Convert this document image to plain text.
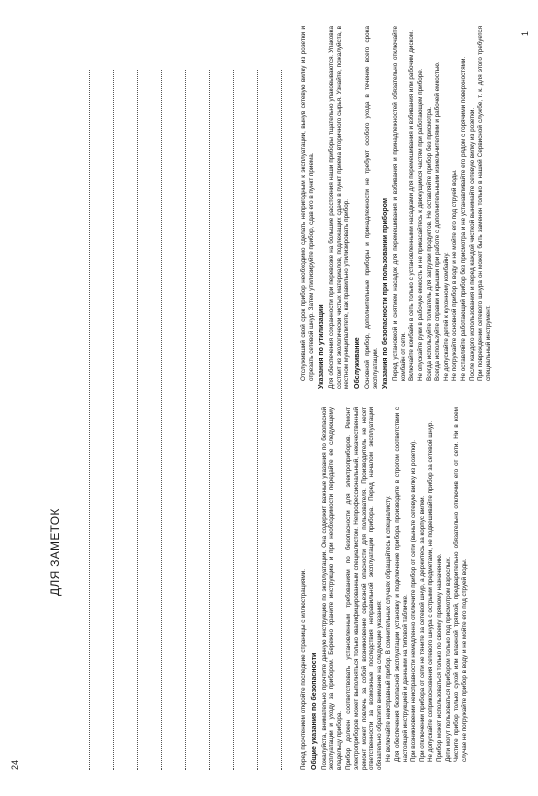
24
1
ДЛЯ ЗАМЕТОК

Перед прочтением откройте последние страницы с иллюстрациями. Общие указания по безопасности Пожалуйста, внимательно прочтите данную инструкцию по эксплуатации. Она содержит важные указания по безопасной эксплуатации и уходу за прибором. Бережно храните инструкцию и при необходимости передайте ее следующему владельцу прибора. Прибор должен соответствовать установленным требованиям по безопасности для электроприборов. Ремонт электроприборов может выполняться только квалифицированным специалистом. Непрофессиональный, некачественный ремонт может повлечь за собой возникновение серьезной опасности для пользователя. Производитель не несет ответственности за возможные последствия неправильной эксплуатации прибора. Перед началом эксплуатации обязательно обратите внимание на следующие указания: • Не включайте неисправный прибор. В сомнительных случаях обращайтесь к специалисту. • Для обеспечения безопасной эксплуатации установку и подключение прибора производите в строгом соответствии с настоящей инструкцией и данными на типовой табличке. • При возникновении неисправности немедленно отключите прибор от сети (выньте сетевую вилку из розетки). • При отключении прибора от сети не тяните за сетевой шнур, а держитесь за корпус вилки. • Не допускайте соприкосновения сетевого шнура с острыми предметами, не подвешивайте прибор за сетевой шнур. • Прибор может использоваться только по своему прямому назначению. • Дети могут пользоваться прибором только под присмотром взрослых. • Чистите прибор только сухой или влажной тряпкой, предварительно обязательно отключив его от сети. Ни в коем случае не погружайте прибор в воду и не мойте его под струей воды.
• Отслуживший свой срок прибор необходимо сделать непригодным к эксплуатации, вынув сетевую вилку из розетки и отрезать сетевой шнур. Затем утилизируйте прибор, сдав его в пункт приема. Указания по утилизации Для обеспечения сохранности при перевозке на большие расстояния наши приборы тщательно упаковываются. Упаковка состоит из экологически чистых материалов, подлежащих сдаче в пункт приема вторичного сырья. Узнайте, пожалуйста, в местном муниципалитете, как правильно утилизировать прибор. Обслуживание Основной прибор, дополнительные приборы и принадлежности не требуют особого ухода в течение всего срока эксплуатации. Указания по безопасности при пользовании прибором • Перед установкой и снятием насадок для перемешивания и взбивания и принадлежностей обязательно отключайте комбайн от сети. • Включайте комбайн в сеть только с установленными насадками для перемешивания и взбивания или рабочим диском. • Не опускайте руки в рабочую емкость и не прикасайтесь к движущимся частям при работающем приборе. • Всегда используйте толкатель для загрузки продуктов. Не оставляйте прибор без присмотра. • Всегда используйте справки и крышки при работе с дополнительными измельчителями и рабочей емкостью. • Не допускайте детей к кухонному комбайну. • Не погружайте основной прибор в воду и не мойте его под струей воды. • Не оставляйте работающий прибор без присмотра и не устанавливайте его рядом с горячими поверхностями. • После каждого использования и перед каждой чисткой вынимайте сетевую вилку из розетки. • При повреждении сетевого шнура он может быть заменен только в нашей Сервисной службе, т. к. для этого требуется специальный инструмент.
